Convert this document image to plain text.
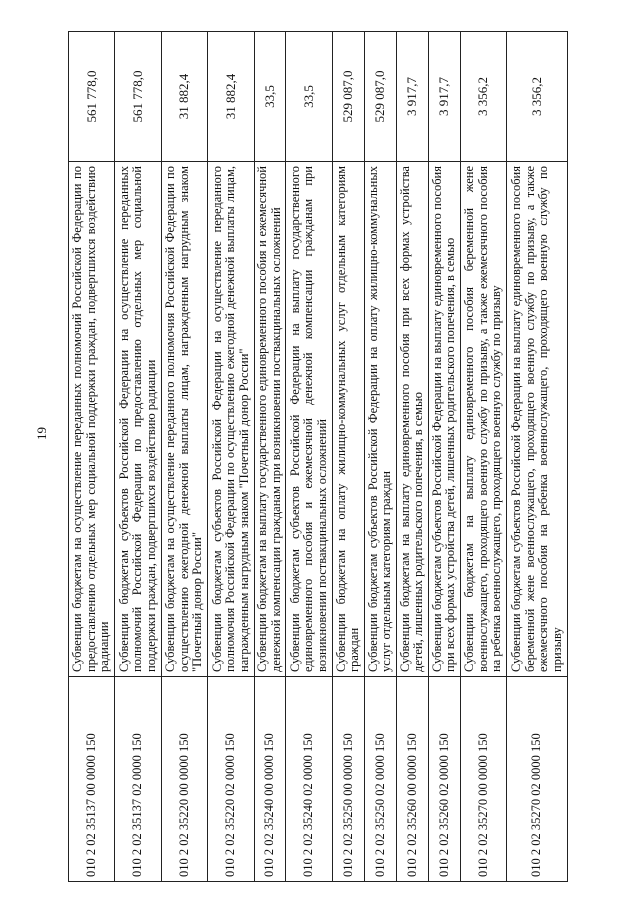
19
010 2 02 35137 00 0000 150	Субвенции бюджетам на осуществление переданных полномочий Российской Федерации по предоставлению отдельных мер социальной поддержки граждан, подвергшихся воздействию радиации	561 778,0
010 2 02 35137 02 0000 150	Субвенции бюджетам субъектов Российской Федерации на осуществление переданных полномочий Российской Федерации по предоставлению отдельных мер социальной поддержки граждан, подвергшихся воздействию радиации	561 778,0
010 2 02 35220 00 0000 150	Субвенции бюджетам на осуществление переданного полномочия Российской Федерации по осуществлению ежегодной денежной выплаты лицам, награжденным нагрудным знаком "Почетный донор России"	31 882,4
010 2 02 35220 02 0000 150	Субвенции бюджетам субъектов Российской Федерации на осуществление переданного полномочия Российской Федерации по осуществлению ежегодной денежной выплаты лицам, награжденным нагрудным знаком "Почетный донор России"	31 882,4
010 2 02 35240 00 0000 150	Субвенции бюджетам на выплату государственного единовременного пособия и ежемесячной денежной компенсации гражданам при возникновении поствакцинальных осложнений	33,5
010 2 02 35240 02 0000 150	Субвенции бюджетам субъектов Российской Федерации на выплату государственного единовременного пособия и ежемесячной денежной компенсации гражданам при возникновении поствакцинальных осложнений	33,5
010 2 02 35250 00 0000 150	Субвенции бюджетам на оплату жилищно-коммунальных услуг отдельным категориям граждан	529 087,0
010 2 02 35250 02 0000 150	Субвенции бюджетам субъектов Российской Федерации на оплату жилищно-коммунальных услуг отдельным категориям граждан	529 087,0
010 2 02 35260 00 0000 150	Субвенции бюджетам на выплату единовременного пособия при всех формах устройства детей, лишенных родительского попечения, в семью	3 917,7
010 2 02 35260 02 0000 150	Субвенции бюджетам субъектов Российской Федерации на выплату единовременного пособия при всех формах устройства детей, лишенных родительского попечения, в семью	3 917,7
010 2 02 35270 00 0000 150	Субвенции бюджетам на выплату единовременного пособия беременной жене военнослужащего, проходящего военную службу по призыву, а также ежемесячного пособия на ребенка военнослужащего, проходящего военную службу по призыву	3 356,2
010 2 02 35270 02 0000 150	Субвенции бюджетам субъектов Российской Федерации на выплату единовременного пособия беременной жене военнослужащего, проходящего военную службу по призыву, а также ежемесячного пособия на ребенка военнослужащего, проходящего военную службу по призыву	3 356,2
